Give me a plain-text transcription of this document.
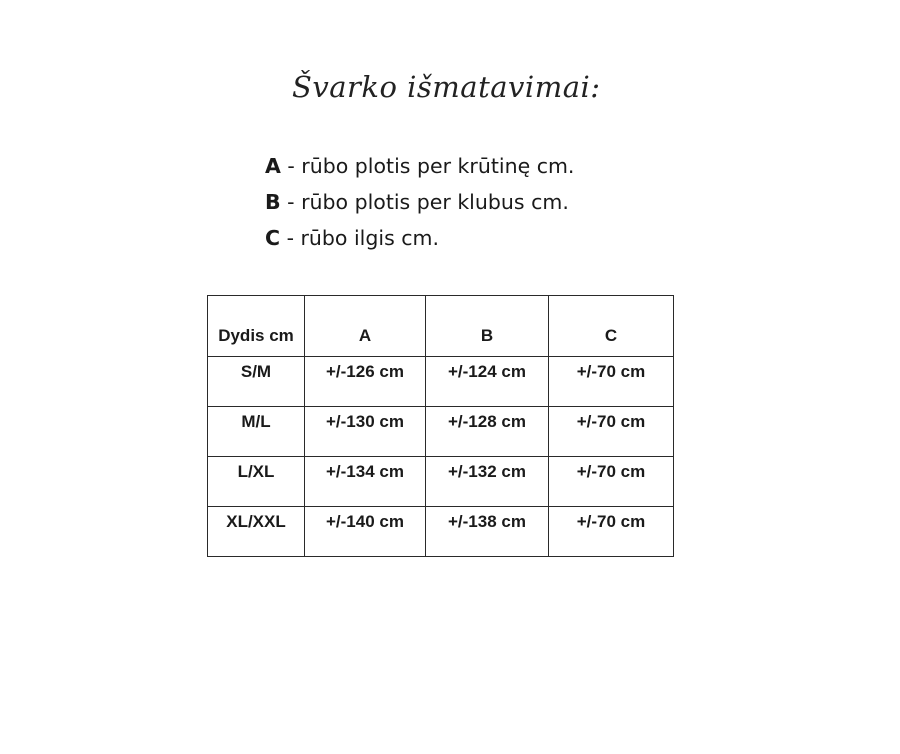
Švarko išmatavimai:
A - rūbo plotis per krūtinę cm.
B - rūbo plotis per klubus cm.
C - rūbo ilgis cm.
Dydis cm	A	B	C
S/M	+/-126 cm	+/-124 cm	+/-70 cm
M/L	+/-130 cm	+/-128 cm	+/-70 cm
L/XL	+/-134 cm	+/-132 cm	+/-70 cm
XL/XXL	+/-140 cm	+/-138 cm	+/-70 cm
